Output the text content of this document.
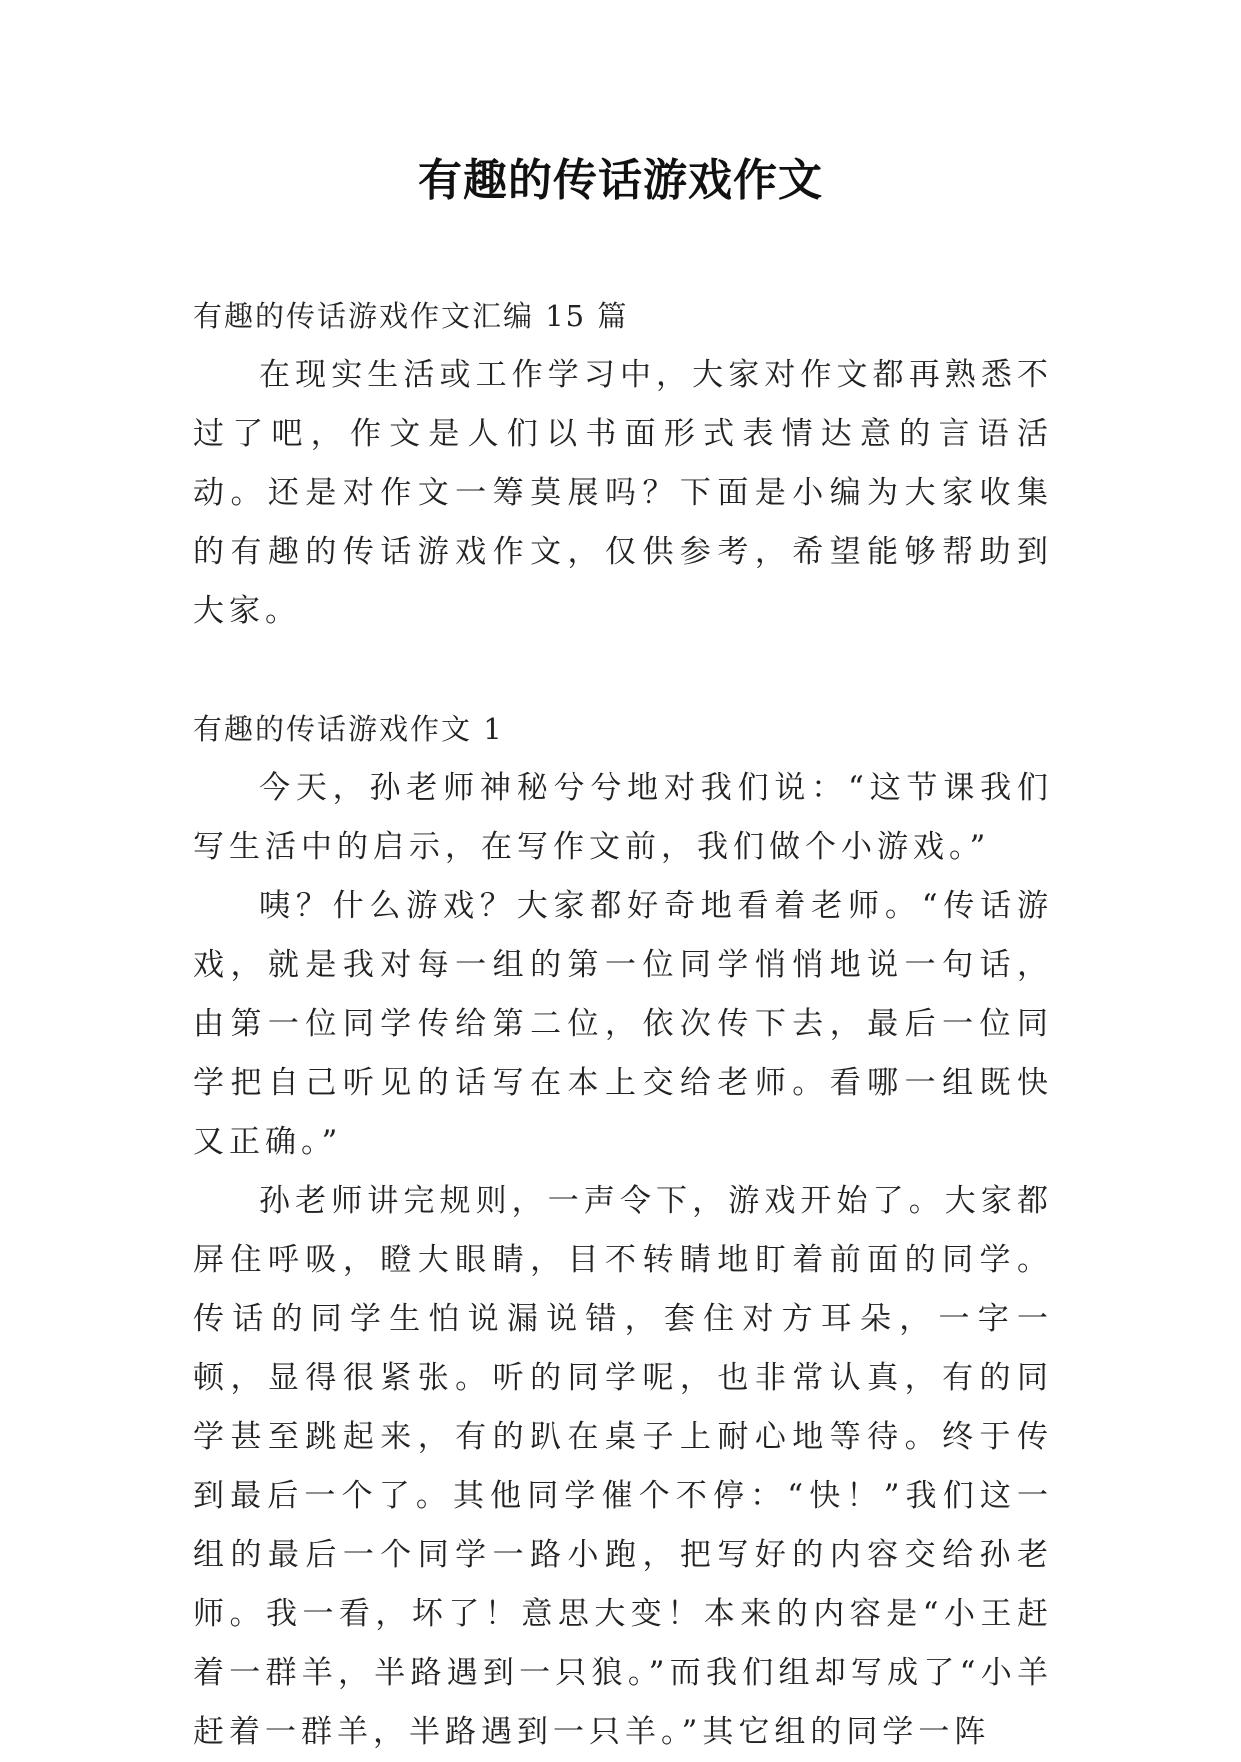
有趣的传话游戏作文

有趣的传话游戏作文汇编 15 篇

在现实生活或工作学习中，大家对作文都再熟悉不过了吧，作文是人们以书面形式表情达意的言语活动。还是对作文一筹莫展吗？下面是小编为大家收集的有趣的传话游戏作文，仅供参考，希望能够帮助到大家。

有趣的传话游戏作文 1

今天，孙老师神秘兮兮地对我们说：“这节课我们写生活中的启示，在写作文前，我们做个小游戏。”

咦？什么游戏？大家都好奇地看着老师。“传话游戏，就是我对每一组的第一位同学悄悄地说一句话，由第一位同学传给第二位，依次传下去，最后一位同学把自己听见的话写在本上交给老师。看哪一组既快又正确。”

孙老师讲完规则，一声令下，游戏开始了。大家都屏住呼吸，瞪大眼睛，目不转睛地盯着前面的同学。传话的同学生怕说漏说错，套住对方耳朵，一字一顿，显得很紧张。听的同学呢，也非常认真，有的同学甚至跳起来，有的趴在桌子上耐心地等待。终于传到最后一个了。其他同学催个不停：“快！”我们这一组的最后一个同学一路小跑，把写好的内容交给孙老师。我一看，坏了！意思大变！本来的内容是“小王赶着一群羊，半路遇到一只狼。”而我们组却写成了“小羊赶着一群羊，半路遇到一只羊。”其它组的同学一阵
